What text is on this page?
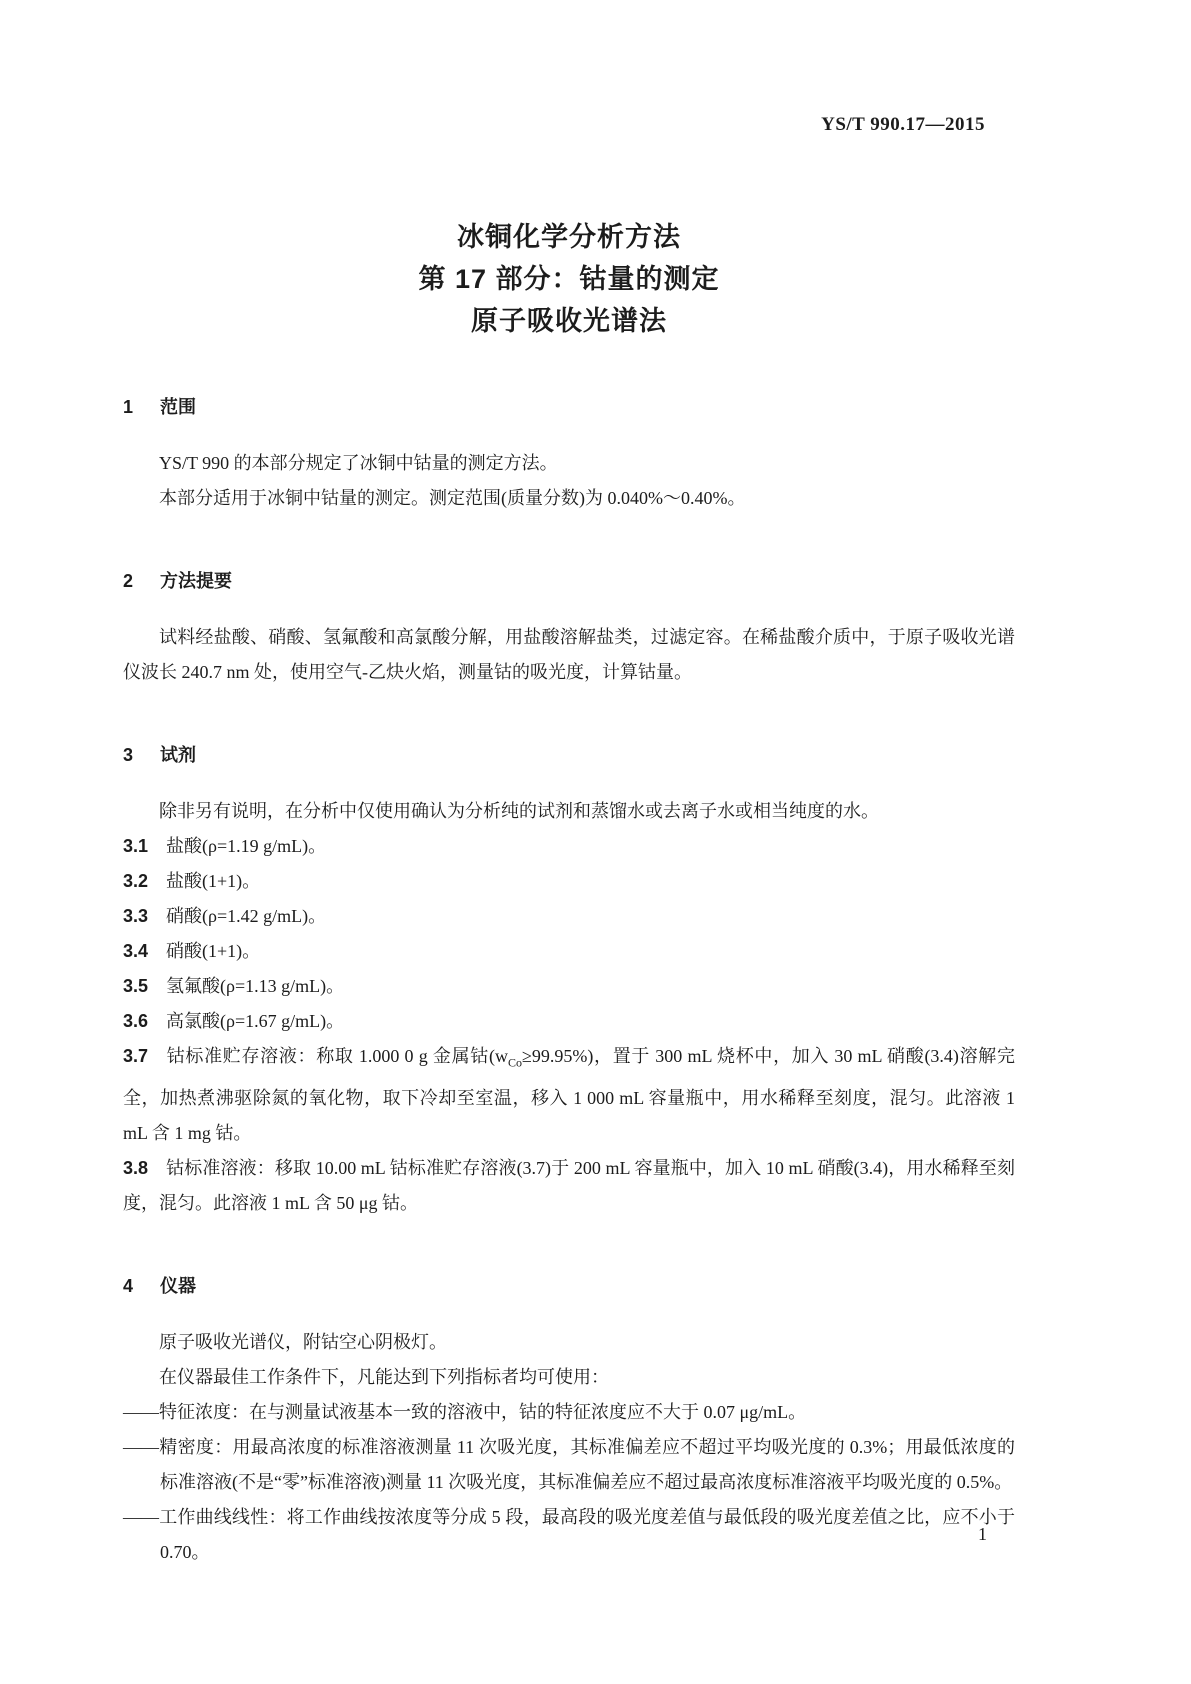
YS/T 990.17—2015
冰铜化学分析方法
第 17 部分：钴量的测定
原子吸收光谱法
1 范围

YS/T 990 的本部分规定了冰铜中钴量的测定方法。

本部分适用于冰铜中钴量的测定。测定范围(质量分数)为 0.040%～0.40%。

2 方法提要

试料经盐酸、硝酸、氢氟酸和高氯酸分解，用盐酸溶解盐类，过滤定容。在稀盐酸介质中，于原子吸收光谱仪波长 240.7 nm 处，使用空气-乙炔火焰，测量钴的吸光度，计算钴量。

3 试剂

除非另有说明，在分析中仅使用确认为分析纯的试剂和蒸馏水或去离子水或相当纯度的水。

3.1 盐酸(ρ=1.19 g/mL)。

3.2 盐酸(1+1)。

3.3 硝酸(ρ=1.42 g/mL)。

3.4 硝酸(1+1)。

3.5 氢氟酸(ρ=1.13 g/mL)。

3.6 高氯酸(ρ=1.67 g/mL)。

3.7 钴标准贮存溶液：称取 1.000 0 g 金属钴$(w_{Co}\ge 99.95\%)$，置于 300 mL 烧杯中，加入 30 mL 硝酸(3.4)溶解完全，加热煮沸驱除氮的氧化物，取下冷却至室温，移入 1 000 mL 容量瓶中，用水稀释至刻度，混匀。此溶液 1 mL 含 1 mg 钴。

3.8 钴标准溶液：移取 10.00 mL 钴标准贮存溶液(3.7)于 200 mL 容量瓶中，加入 10 mL 硝酸(3.4)，用水稀释至刻度，混匀。此溶液 1 mL 含 50 μg 钴。

4 仪器

原子吸收光谱仪，附钴空心阴极灯。

在仪器最佳工作条件下，凡能达到下列指标者均可使用：

——特征浓度：在与测量试液基本一致的溶液中，钴的特征浓度应不大于 0.07 μg/mL。

——精密度：用最高浓度的标准溶液测量 11 次吸光度，其标准偏差应不超过平均吸光度的 0.3%；用最低浓度的标准溶液(不是“零”标准溶液)测量 11 次吸光度，其标准偏差应不超过最高浓度标准溶液平均吸光度的 0.5%。

——工作曲线线性：将工作曲线按浓度等分成 5 段，最高段的吸光度差值与最低段的吸光度差值之比，应不小于 0.70。

1
